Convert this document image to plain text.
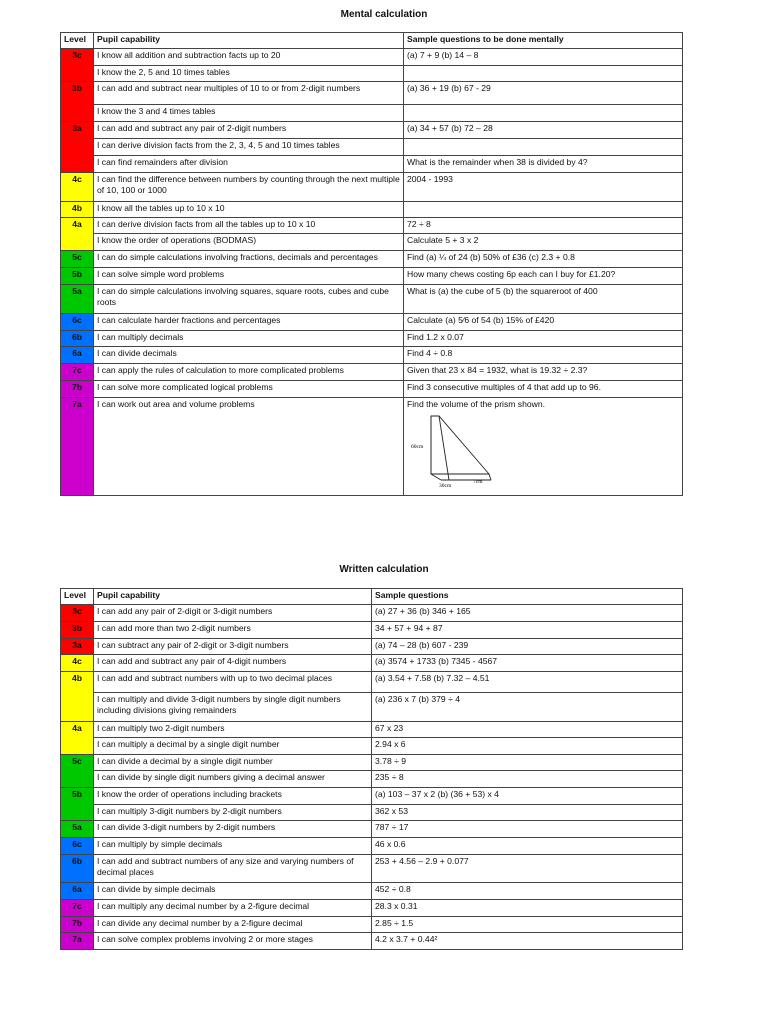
Mental calculation
Level	Pupil capability	Sample questions to be done mentally
3c	I know all addition and subtraction facts up to 20	(a) 7 + 9 (b) 14 – 8
	I know the 2, 5 and 10 times tables	
3b	I can add and subtract near multiples of 10 to or from 2-digit numbers	(a) 36 + 19 (b) 67 - 29
	I know the 3 and 4 times tables	
3a	I can add and subtract any pair of 2-digit numbers	(a) 34 + 57 (b) 72 – 28
	I can derive division facts from the 2, 3, 4, 5 and 10 times tables	
	I can find remainders after division	What is the remainder when 38 is divided by 4?
4c	I can find the difference between numbers by counting through the next multiple of 10, 100 or 1000	2004 - 1993
4b	I know all the tables up to 10 x 10	
4a	I can derive division facts from all the tables up to 10 x 10	72 ÷ 8
	I know the order of operations (BODMAS)	Calculate 5 + 3 x 2
5c	I can do simple calculations involving fractions, decimals and percentages	Find (a) ¼ of 24 (b) 50% of £36 (c) 2.3 + 0.8
5b	I can solve simple word problems	How many chews costing 6p each can I buy for £1.20?
5a	I can do simple calculations involving squares, square roots, cubes and cube roots	What is (a) the cube of 5 (b) the squareroot of 400
6c	I can calculate harder fractions and percentages	Calculate (a) 5⁄6 of 54 (b) 15% of £420
6b	I can multiply decimals	Find 1.2 x 0.07
6a	I can divide decimals	Find 4 ÷ 0.8
7c	I can apply the rules of calculation to more complicated problems	Given that 23 x 84 = 1932, what is 19.32 ÷ 2.3?
7b	I can solve more complicated logical problems	Find 3 consecutive multiples of 4 that add up to 96.
7a	I can work out area and volume problems	Find the volume of the prism shown.
60cm
30cm
7cm
Written calculation
Level	Pupil capability	Sample questions
3c	I can add any pair of 2-digit or 3-digit numbers	(a) 27 + 36 (b) 346 + 165
3b	I can add more than two 2-digit numbers	34 + 57 + 94 + 87
3a	I can subtract any pair of 2-digit or 3-digit numbers	(a) 74 – 28 (b) 607 - 239
4c	I can add and subtract any pair of 4-digit numbers	(a) 3574 + 1733 (b) 7345 - 4567
4b	I can add and subtract numbers with up to two decimal places	(a) 3.54 + 7.58 (b) 7.32 – 4.51
	I can multiply and divide 3-digit numbers by single digit numbers including divisions giving remainders	(a) 236 x 7 (b) 379 ÷ 4
4a	I can multiply two 2-digit numbers	67 x 23
	I can multiply a decimal by a single digit number	2.94 x 6
5c	I can divide a decimal by a single digit number	3.78 ÷ 9
	I can divide by single digit numbers giving a decimal answer	235 ÷ 8
5b	I know the order of operations including brackets	(a) 103 – 37 x 2 (b) (36 + 53) x 4
	I can multiply 3-digit numbers by 2-digit numbers	362 x 53
5a	I can divide 3-digit numbers by 2-digit numbers	787 ÷ 17
6c	I can multiply by simple decimals	46 x 0.6
6b	I can add and subtract numbers of any size and varying numbers of decimal places	253 + 4.56 – 2.9 + 0.077
6a	I can divide by simple decimals	452 ÷ 0.8
7c	I can multiply any decimal number by a 2-figure decimal	28.3 x 0.31
7b	I can divide any decimal number by a 2-figure decimal	2.85 ÷ 1.5
7a	I can solve complex problems involving 2 or more stages	4.2 x 3.7 + 0.44²
